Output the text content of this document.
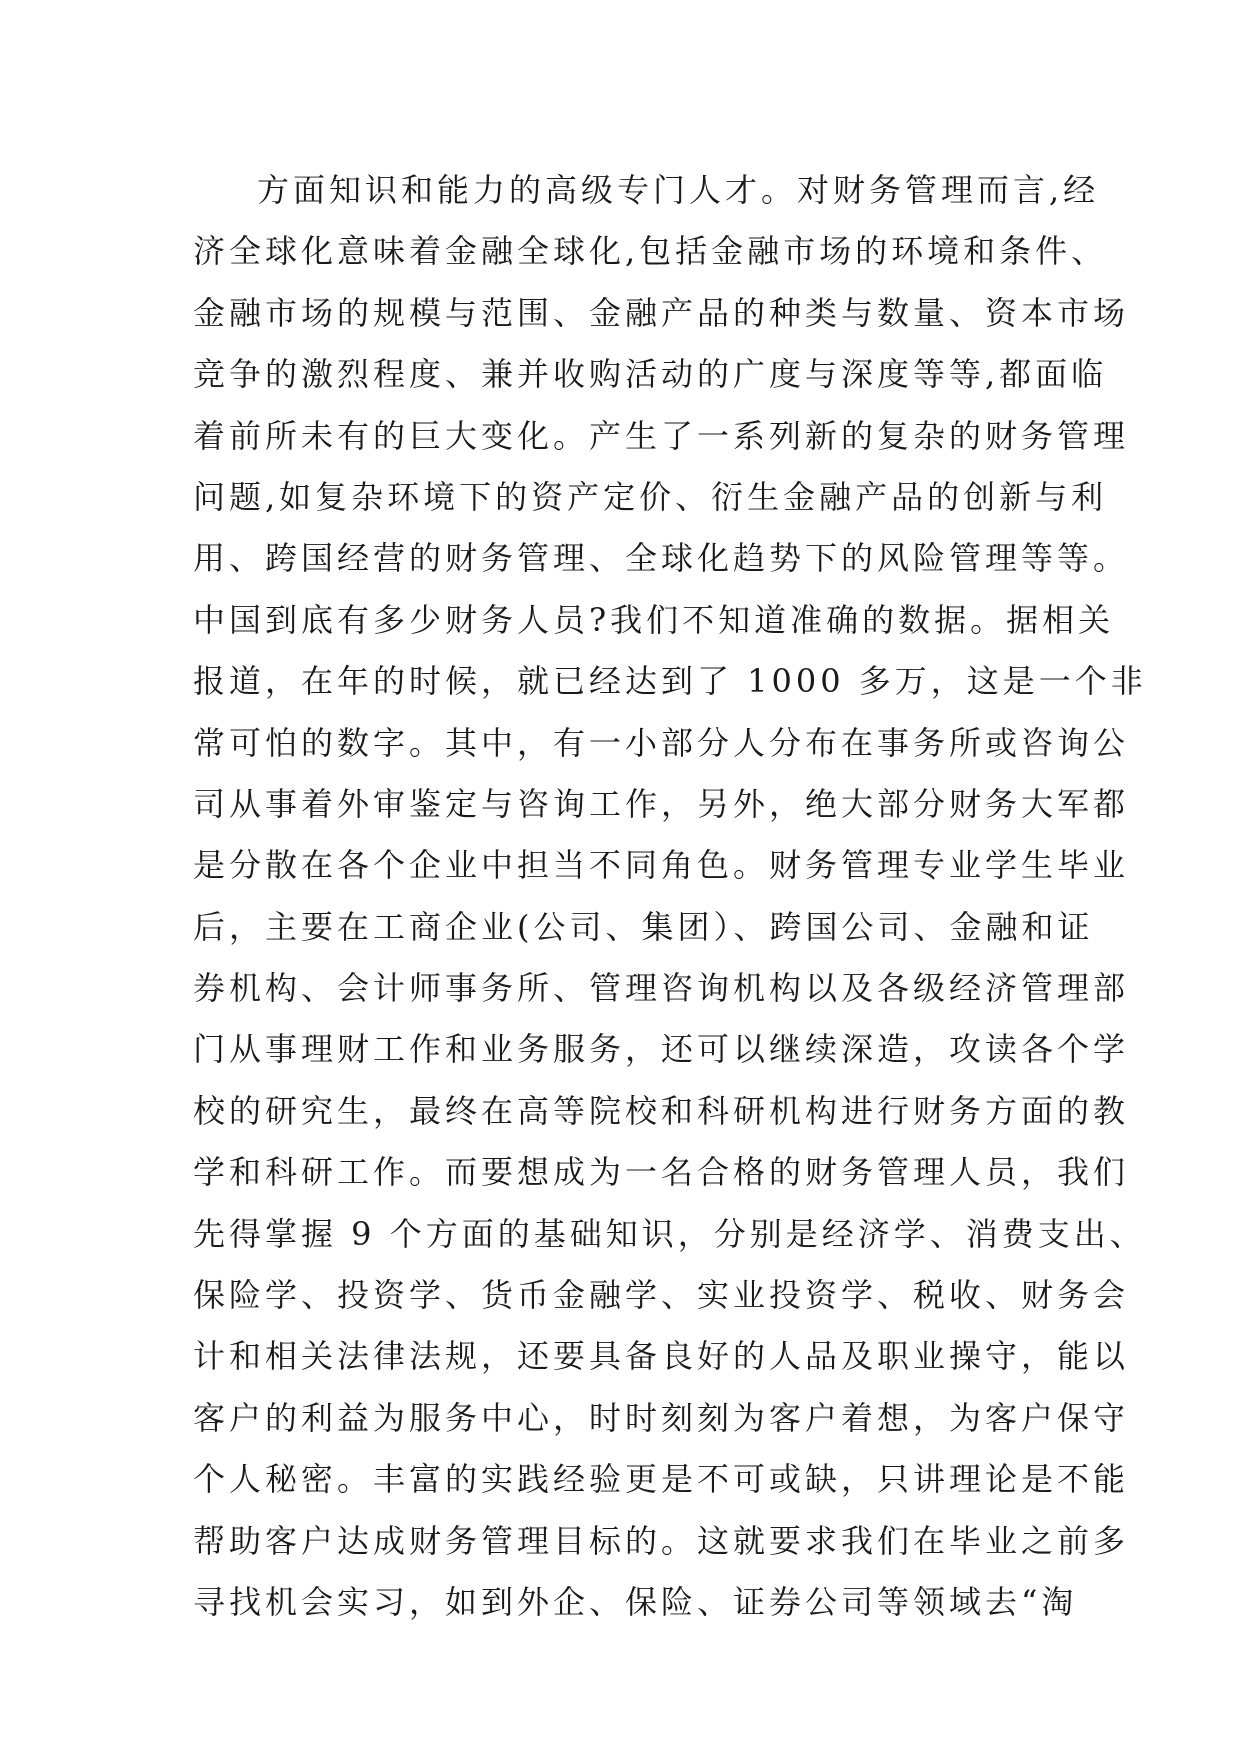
方面知识和能力的高级专门人才。对财务管理而言,经
济全球化意味着金融全球化,包括金融市场的环境和条件、
金融市场的规模与范围、金融产品的种类与数量、资本市场
竞争的激烈程度、兼并收购活动的广度与深度等等,都面临
着前所未有的巨大变化。产生了一系列新的复杂的财务管理
问题,如复杂环境下的资产定价、衍生金融产品的创新与利
用、跨国经营的财务管理、全球化趋势下的风险管理等等。
中国到底有多少财务人员?我们不知道准确的数据。据相关
报道，在年的时候，就已经达到了 1000 多万，这是一个非
常可怕的数字。其中，有一小部分人分布在事务所或咨询公
司从事着外审鉴定与咨询工作，另外，绝大部分财务大军都
是分散在各个企业中担当不同角色。财务管理专业学生毕业
后，主要在工商企业(公司、集团）、跨国公司、金融和证
券机构、会计师事务所、管理咨询机构以及各级经济管理部
门从事理财工作和业务服务，还可以继续深造，攻读各个学
校的研究生，最终在高等院校和科研机构进行财务方面的教
学和科研工作。而要想成为一名合格的财务管理人员，我们
先得掌握 9 个方面的基础知识，分别是经济学、消费支出、
保险学、投资学、货币金融学、实业投资学、税收、财务会
计和相关法律法规，还要具备良好的人品及职业操守，能以
客户的利益为服务中心，时时刻刻为客户着想，为客户保守
个人秘密。丰富的实践经验更是不可或缺，只讲理论是不能
帮助客户达成财务管理目标的。这就要求我们在毕业之前多
寻找机会实习，如到外企、保险、证券公司等领域去“淘
